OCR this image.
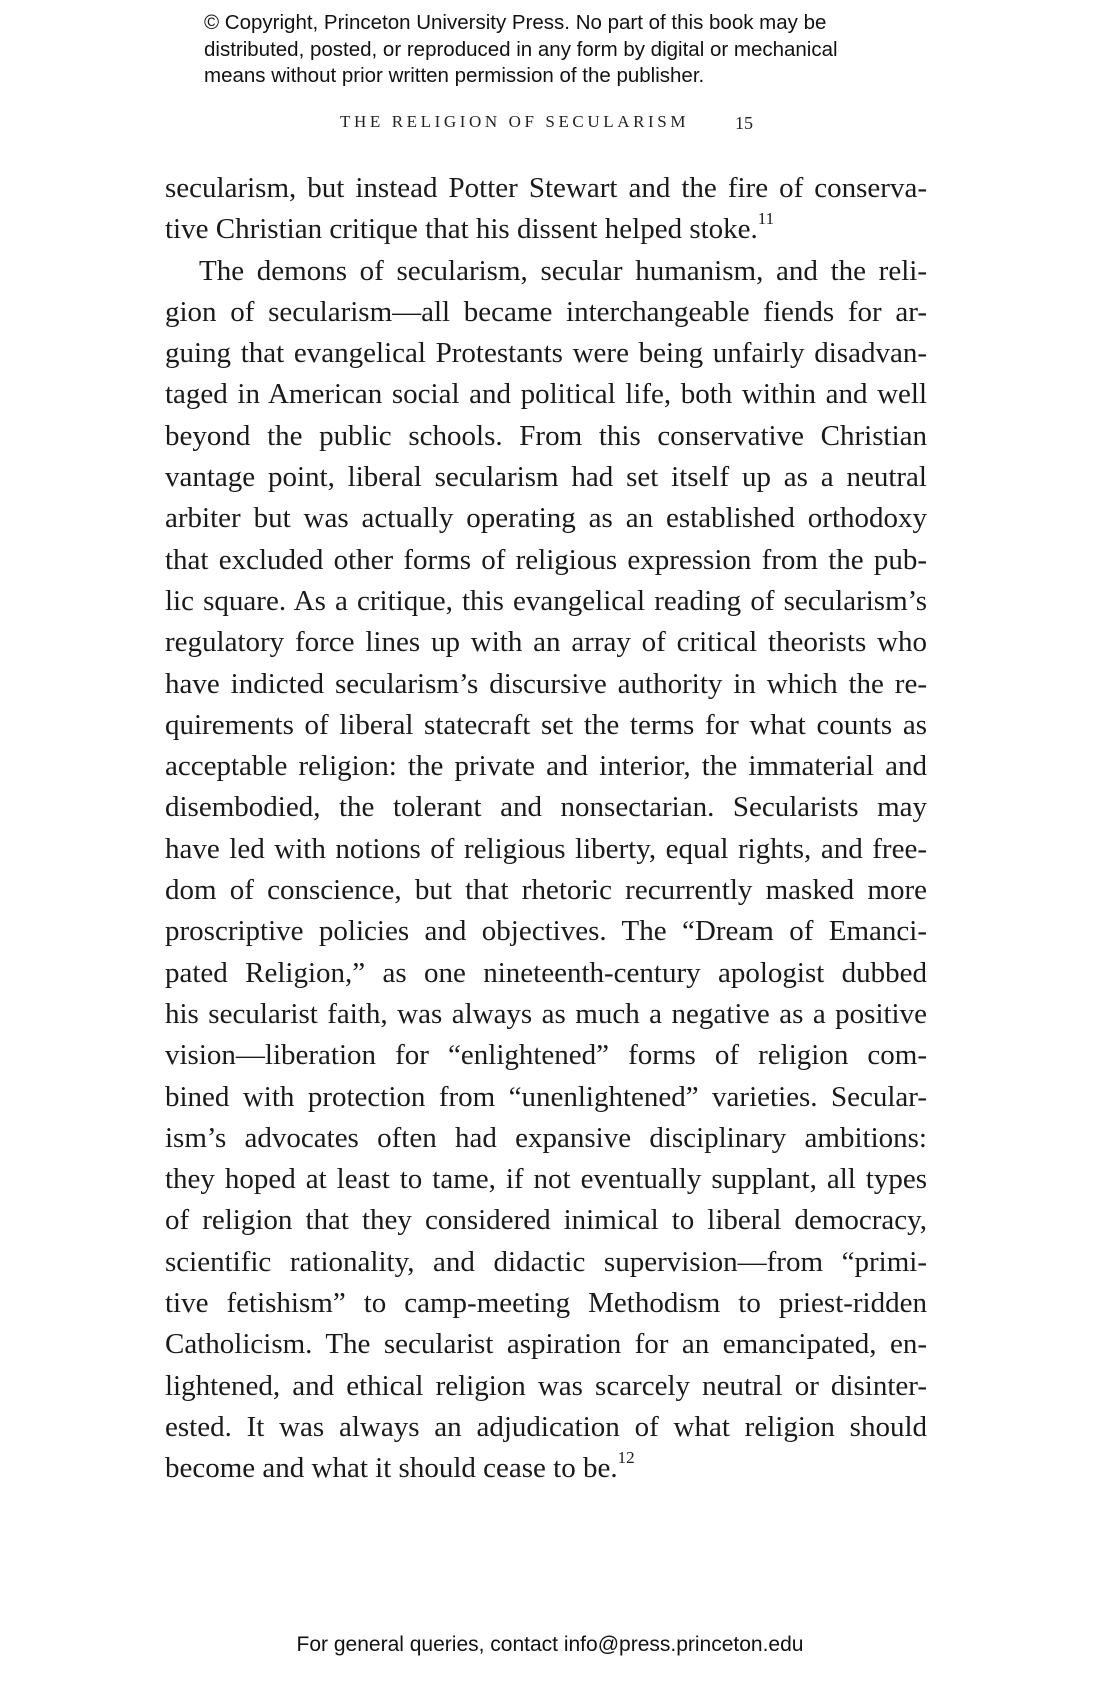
© Copyright, Princeton University Press. No part of this book may be
distributed, posted, or reproduced in any form by digital or mechanical
means without prior written permission of the publisher.
THE RELIGION OF SECULARISM	15
secularism, but instead Potter Stewart and the fire of conserva-
tive Christian critique that his dissent helped stoke.$^{11}$
The demons of secularism, secular humanism, and the reli-
gion of secularism—all became interchangeable fiends for ar-
guing that evangelical Protestants were being unfairly disadvan-
taged in American social and political life, both within and well
beyond the public schools. From this conservative Christian
vantage point, liberal secularism had set itself up as a neutral
arbiter but was actually operating as an established orthodoxy
that excluded other forms of religious expression from the pub-
lic square. As a critique, this evangelical reading of secularism’s
regulatory force lines up with an array of critical theorists who
have indicted secularism’s discursive authority in which the re-
quirements of liberal statecraft set the terms for what counts as
acceptable religion: the private and interior, the immaterial and
disembodied, the tolerant and nonsectarian. Secularists may
have led with notions of religious liberty, equal rights, and free-
dom of conscience, but that rhetoric recurrently masked more
proscriptive policies and objectives. The “Dream of Emanci-
pated Religion,” as one nineteenth-century apologist dubbed
his secularist faith, was always as much a negative as a positive
vision—liberation for “enlightened” forms of religion com-
bined with protection from “unenlightened” varieties. Secular-
ism’s advocates often had expansive disciplinary ambitions:
they hoped at least to tame, if not eventually supplant, all types
of religion that they considered inimical to liberal democracy,
scientific rationality, and didactic supervision—from “primi-
tive fetishism” to camp-meeting Methodism to priest-ridden
Catholicism. The secularist aspiration for an emancipated, en-
lightened, and ethical religion was scarcely neutral or disinter-
ested. It was always an adjudication of what religion should
become and what it should cease to be.$^{12}$
For general queries, contact info@press.princeton.edu
